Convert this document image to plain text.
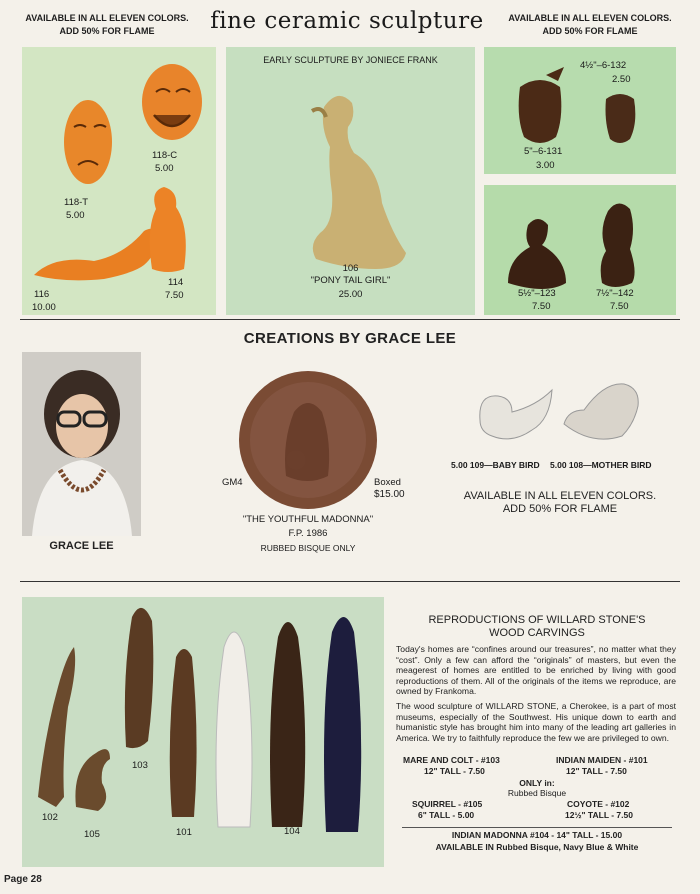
AVAILABLE IN ALL ELEVEN COLORS.
ADD 50% FOR FLAME	fine ceramic sculpture	AVAILABLE IN ALL ELEVEN COLORS.
ADD 50% FOR FLAME
118-T
5.00
118-C
5.00
116
10.00
114
7.50
EARLY SCULPTURE BY JONIECE FRANK
106
"PONY TAIL GIRL"
25.00
4½"–6-132
2.50
5"–6-131
3.00
5½"–123
7.50
7½"–142
7.50
CREATIONS BY GRACE LEE
GRACE LEE
GM4	Boxed
$15.00
"THE YOUTHFUL MADONNA"
F.P. 1986
RUBBED BISQUE ONLY
5.00 109—BABY BIRD 5.00 108—MOTHER BIRD
AVAILABLE IN ALL ELEVEN COLORS.
ADD 50% FOR FLAME
102
105
103
101	104
REPRODUCTIONS OF WILLARD STONE'S
WOOD CARVINGS
Today's homes are “confines around our treasures”, no matter what they “cost”. Only a few can afford the “originals” of masters, but even the meagerest of homes are entitled to be enriched by living with good reproductions of them. All of the originals of the items we reproduce, are owned by Frankoma.
The wood sculpture of WILLARD STONE, a Cherokee, is a part of most museums, especially of the Southwest. His unique down to earth and humanistic style has brought him into many of the leading art galleries in America. We try to faithfully reproduce the few we are privileged to own.
MARE AND COLT - #103
12" TALL - 7.50
INDIAN MAIDEN - #101
12" TALL - 7.50
ONLY in:
Rubbed Bisque
SQUIRREL - #105
6" TALL - 5.00
COYOTE - #102
12½" TALL - 7.50
INDIAN MADONNA #104 - 14" TALL - 15.00
AVAILABLE IN Rubbed Bisque, Navy Blue & White
Page 28
